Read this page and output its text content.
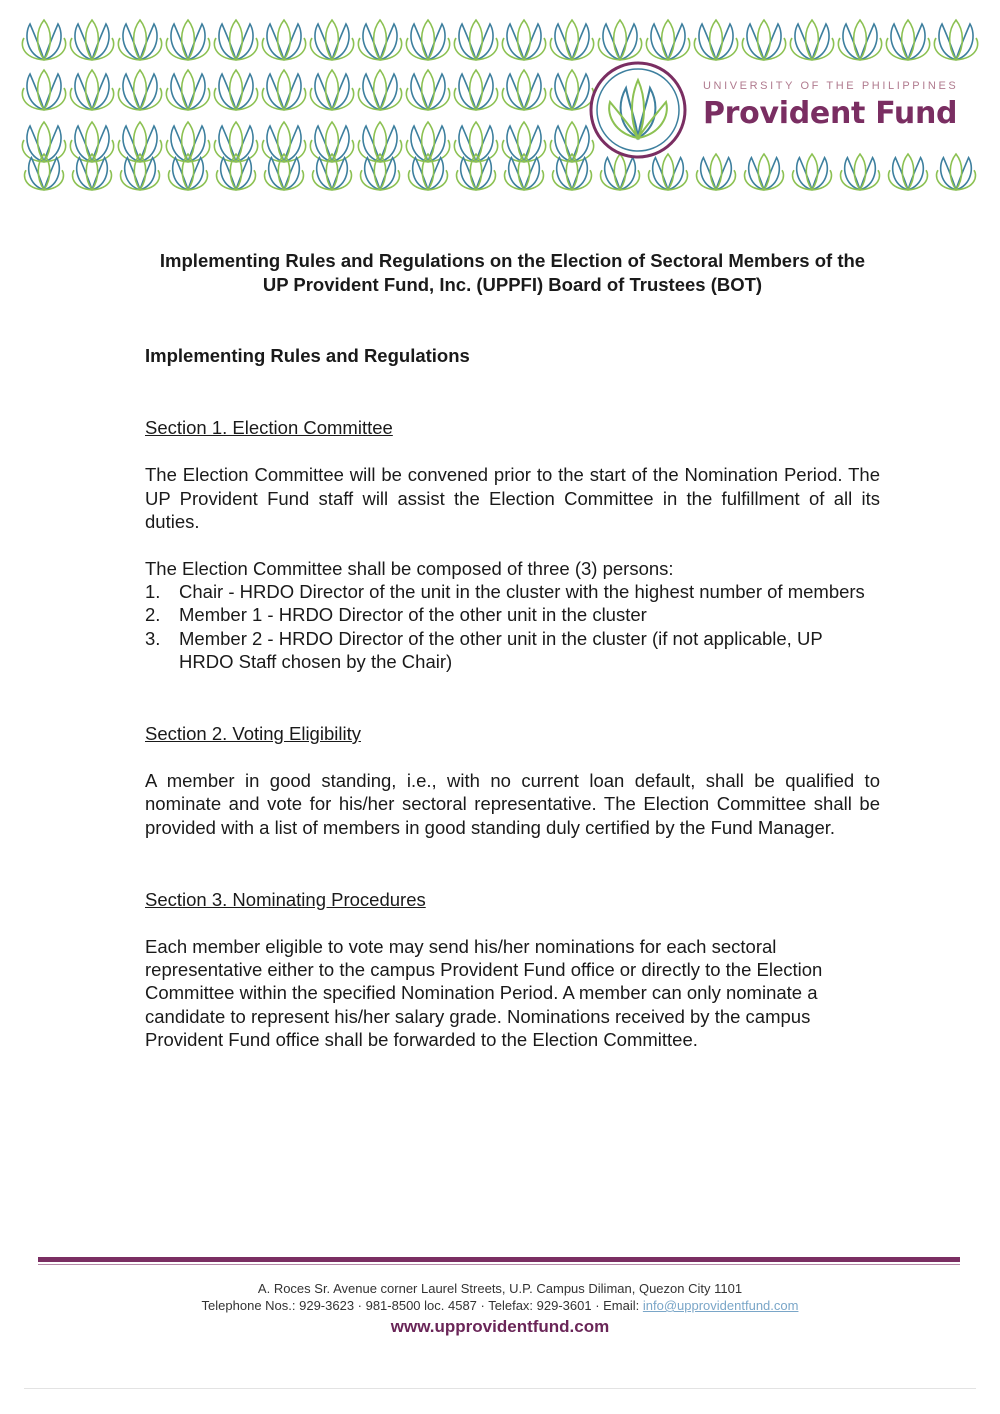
UNIVERSITY OF THE PHILIPPINES
Provident Fund
Implementing Rules and Regulations on the Election of Sectoral Members of the
UP Provident Fund, Inc. (UPPFI) Board of Trustees (BOT)
Implementing Rules and Regulations
Section 1. Election Committee
The Election Committee will be convened prior to the start of the Nomination Period. The UP Provident Fund staff will assist the Election Committee in the fulfillment of all its duties.
The Election Committee shall be composed of three (3) persons:
1.	Chair - HRDO Director of the unit in the cluster with the highest number of members
2.	Member 1 - HRDO Director of the other unit in the cluster
3.	Member 2 - HRDO Director of the other unit in the cluster (if not applicable, UP HRDO Staff chosen by the Chair)
Section 2. Voting Eligibility
A member in good standing, i.e., with no current loan default, shall be qualified to nominate and vote for his/her sectoral representative. The Election Committee shall be provided with a list of members in good standing duly certified by the Fund Manager.
Section 3. Nominating Procedures
Each member eligible to vote may send his/her nominations for each sectoral representative either to the campus Provident Fund office or directly to the Election Committee within the specified Nomination Period. A member can only nominate a candidate to represent his/her salary grade. Nominations received by the campus Provident Fund office shall be forwarded to the Election Committee.
A. Roces Sr. Avenue corner Laurel Streets, U.P. Campus Diliman, Quezon City 1101
Telephone Nos.: 929-3623 · 981-8500 loc. 4587 · Telefax: 929-3601 · Email: info@upprovidentfund.com
www.upprovidentfund.com
